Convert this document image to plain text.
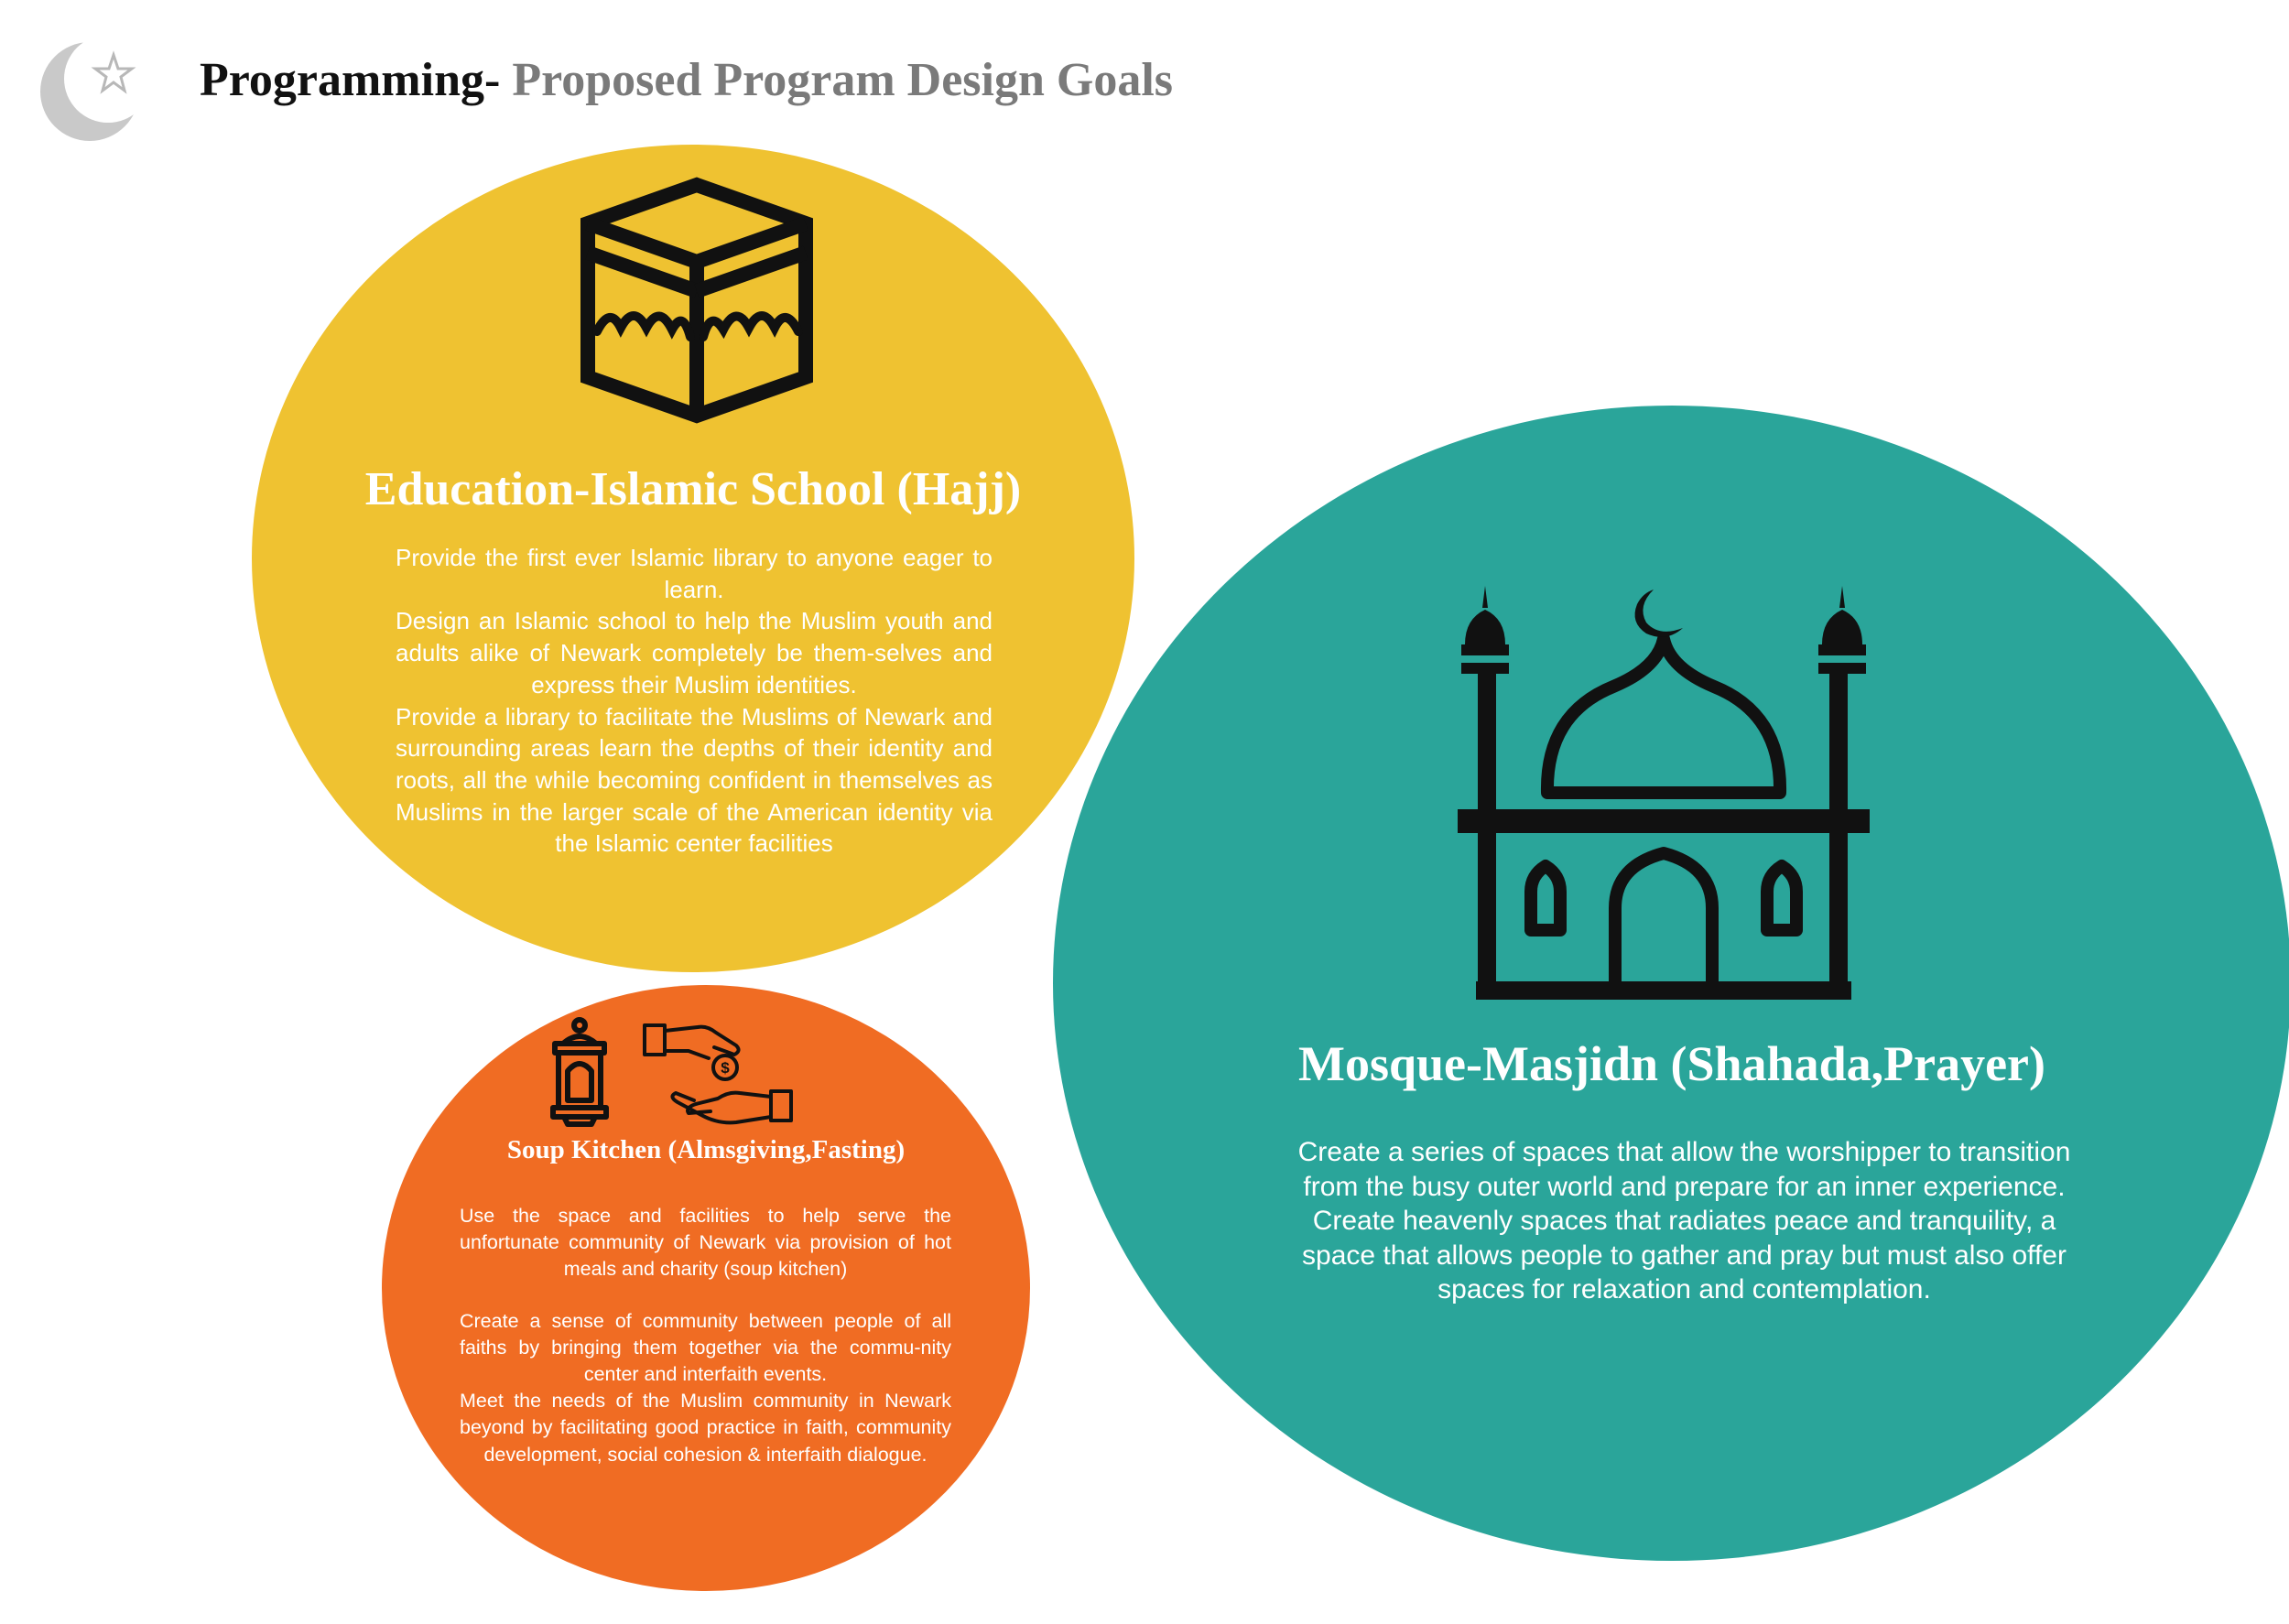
Programming- Proposed Program Design Goals
Education-Islamic School (Hajj)

Provide the first ever Islamic library to anyone eager to learn.

Design an Islamic school to help the Muslim youth and adults alike of Newark completely be them-selves and express their Muslim identities.

Provide a library to facilitate the Muslims of Newark and surrounding areas learn the depths of their identity and roots, all the while becoming confident in themselves as Muslims in the larger scale of the American identity via the Islamic center facilities

$
Soup Kitchen (Almsgiving,Fasting)

Use the space and facilities to help serve the unfortunate community of Newark via provision of hot meals and charity (soup kitchen)

Create a sense of community between people of all faiths by bringing them together via the commu-nity center and interfaith events.

Meet the needs of the Muslim community in Newark beyond by facilitating good practice in faith, community development, social cohesion & interfaith dialogue.

Mosque-Masjidn (Shahada,Prayer)

Create a series of spaces that allow the worshipper to transition from the busy outer world and prepare for an inner experience.

Create heavenly spaces that radiates peace and tranquility, a space that allows people to gather and pray but must also offer spaces for relaxation and contemplation.
